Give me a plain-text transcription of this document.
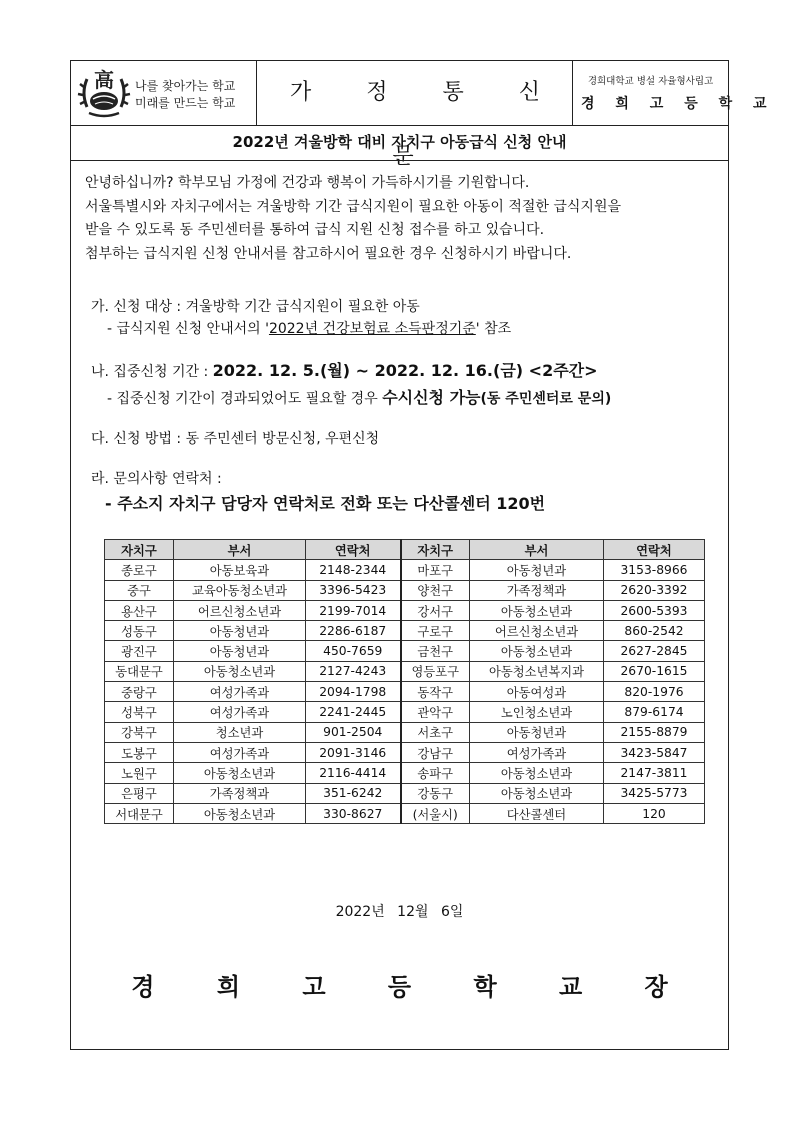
高 나를 찾아가는 학교
미래를 만드는 학교	가 정 통 신 문
경희대학교 병설 자율형사립고
경 희 고 등 학 교
2022년 겨울방학 대비 자치구 아동급식 신청 안내

안녕하십니까? 학부모님 가정에 건강과 행복이 가득하시기를 기원합니다.

서울특별시와 자치구에서는 겨울방학 기간 급식지원이 필요한 아동이 적절한 급식지원을

받을 수 있도록 동 주민센터를 통하여 급식 지원 신청 접수를 하고 있습니다.

첨부하는 급식지원 신청 안내서를 참고하시어 필요한 경우 신청하시기 바랍니다.

가. 신청 대상 : 겨울방학 기간 급식지원이 필요한 아동
- 급식지원 신청 안내서의 '2022년 건강보험료 소득판정기준' 참조
나. 집중신청 기간 : 2022. 12. 5.(월) ~ 2022. 12. 16.(금) <2주간>
- 집중신청 기간이 경과되었어도 필요할 경우 수시신청 가능(동 주민센터로 문의)
다. 신청 방법 : 동 주민센터 방문신청, 우편신청
라. 문의사항 연락처 :
- 주소지 자치구 담당자 연락처로 전화 또는 다산콜센터 120번
자치구	부서	연락처	자치구	부서	연락처
종로구	아동보육과	2148-2344	마포구	아동청년과	3153-8966
중구	교육아동청소년과	3396-5423	양천구	가족정책과	2620-3392
용산구	어르신청소년과	2199-7014	강서구	아동청소년과	2600-5393
성동구	아동청년과	2286-6187	구로구	어르신청소년과	860-2542
광진구	아동청년과	450-7659	금천구	아동청소년과	2627-2845
동대문구	아동청소년과	2127-4243	영등포구	아동청소년복지과	2670-1615
중랑구	여성가족과	2094-1798	동작구	아동여성과	820-1976
성북구	여성가족과	2241-2445	관악구	노인청소년과	879-6174
강북구	청소년과	901-2504	서초구	아동청년과	2155-8879
도봉구	여성가족과	2091-3146	강남구	여성가족과	3423-5847
노원구	아동청소년과	2116-4414	송파구	아동청소년과	2147-3811
은평구	가족정책과	351-6242	강동구	아동청소년과	3425-5773
서대문구	아동청소년과	330-8627	(서울시)	다산콜센터	120
2022년 12월 6일
경 희 고 등 학 교 장
